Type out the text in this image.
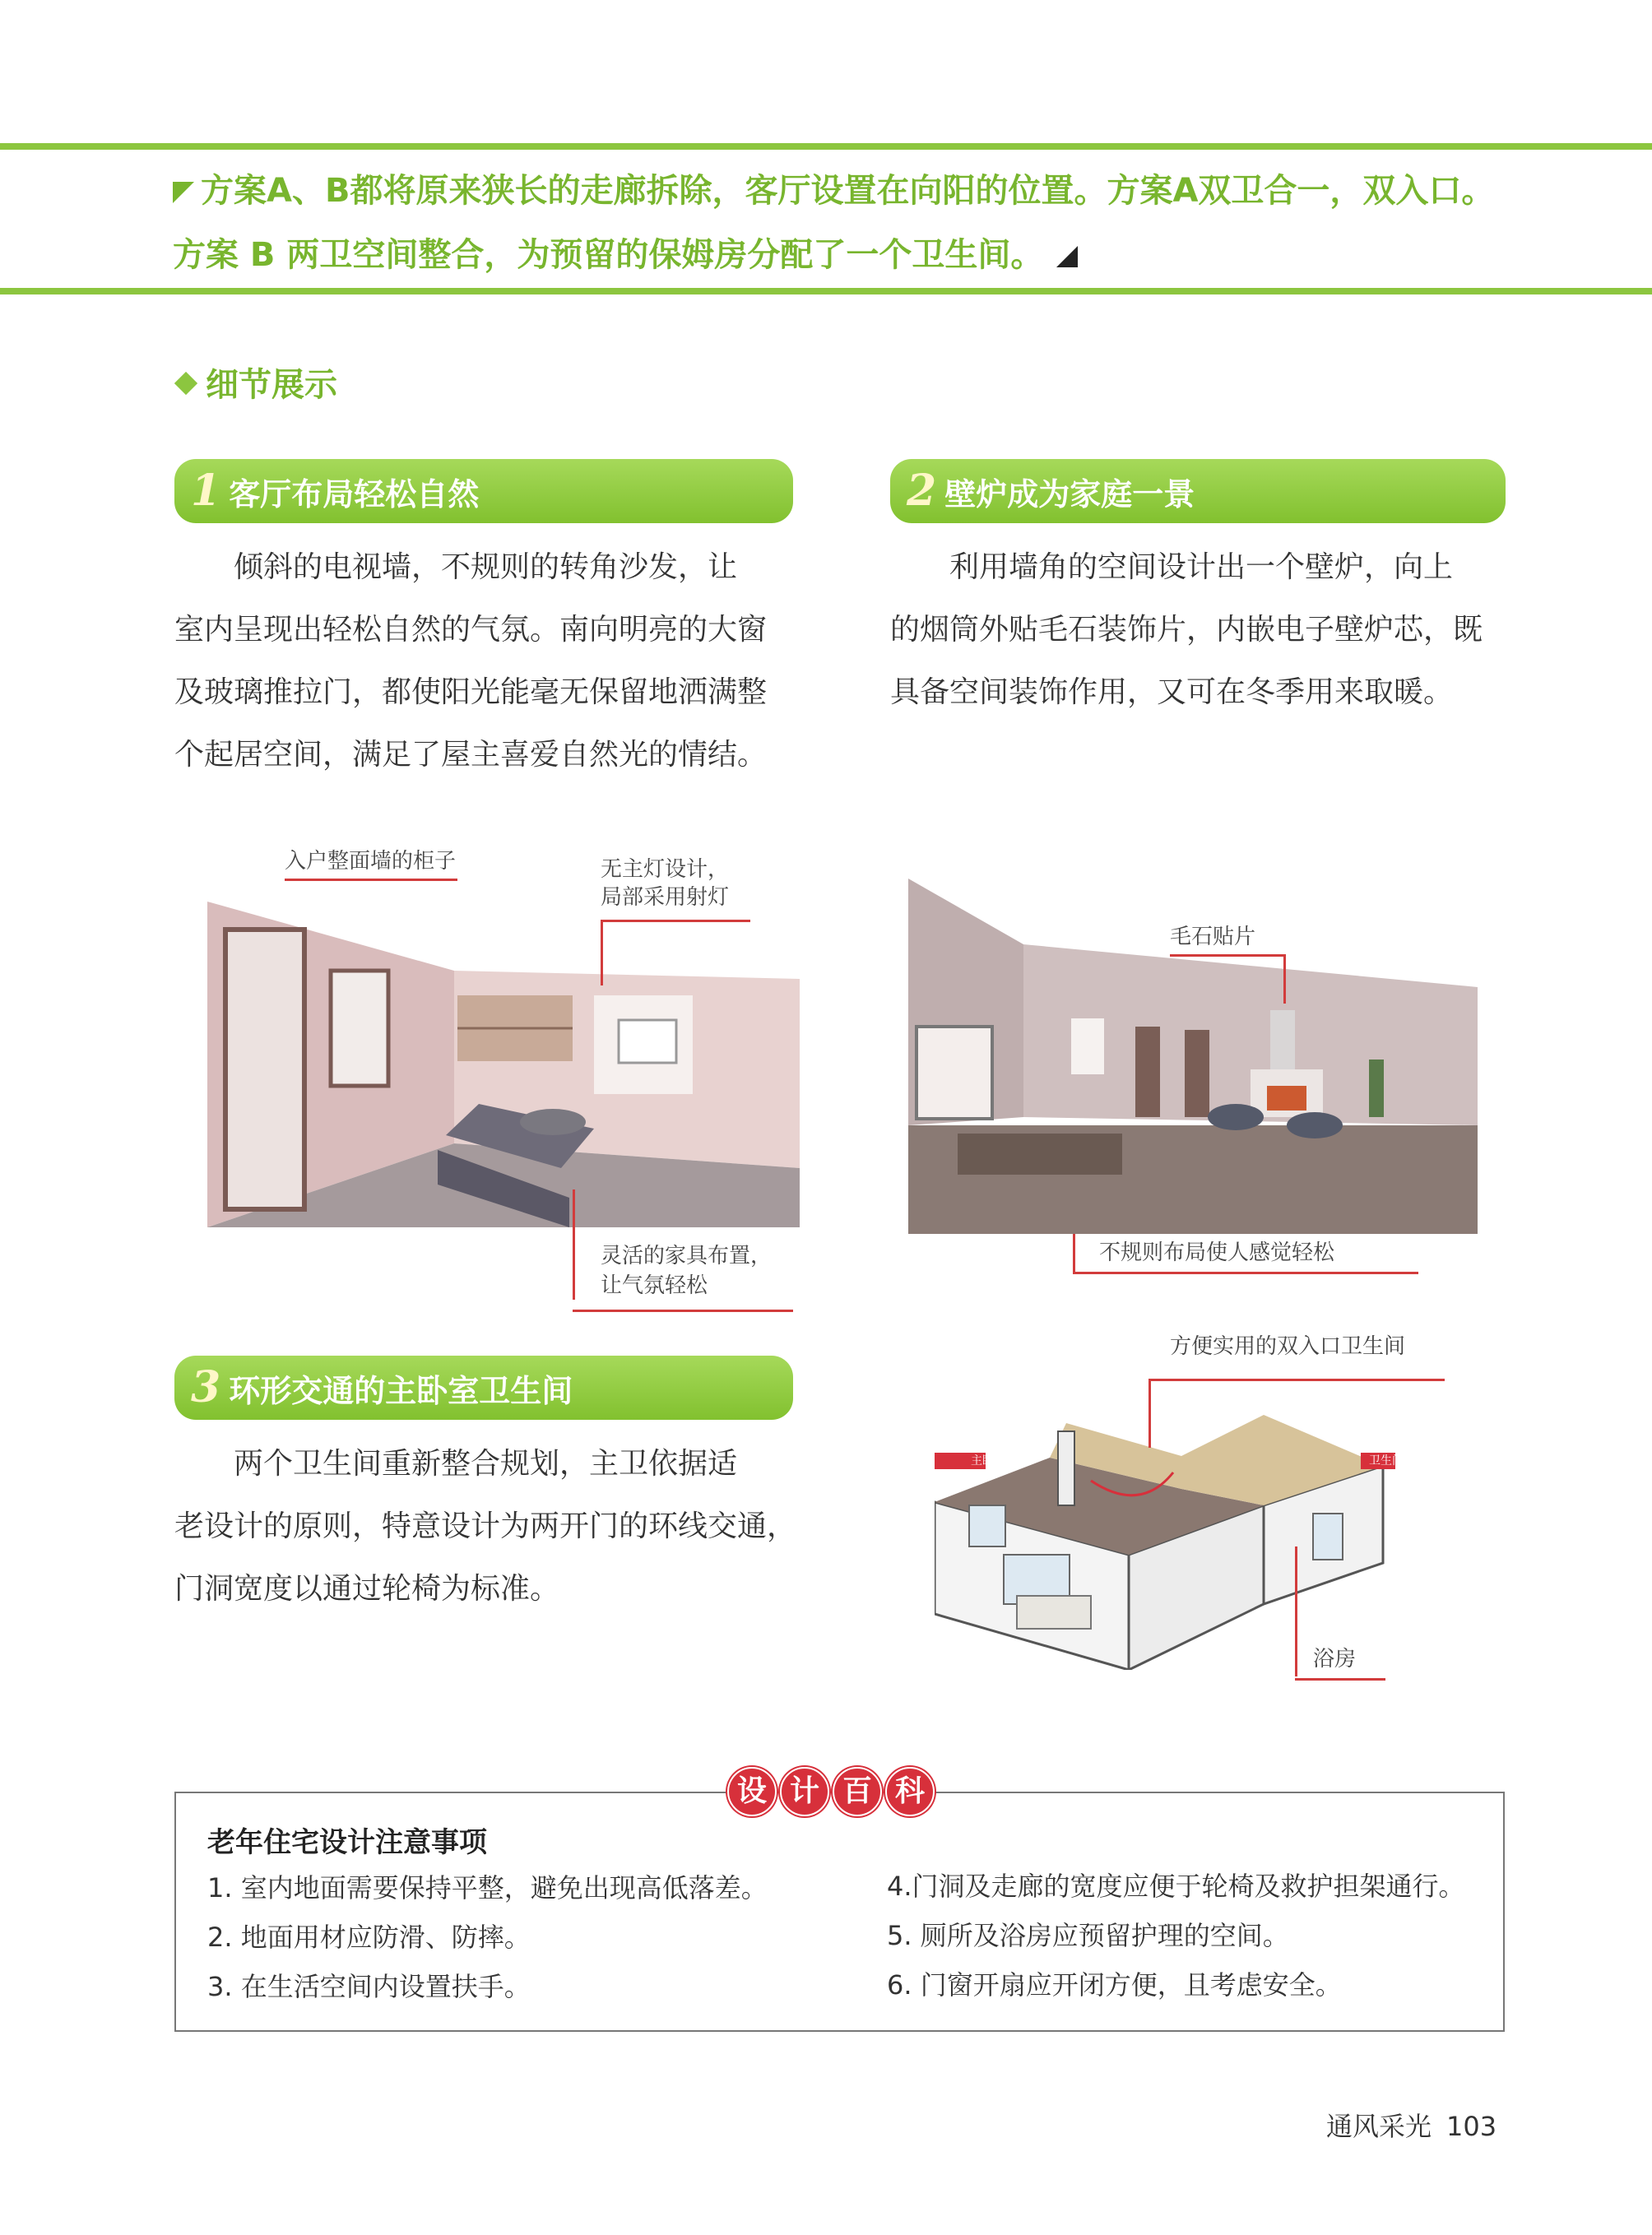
方案A、B都将原来狭长的走廊拆除，客厅设置在向阳的位置。方案A双卫合一，双入口。
方案 B 两卫空间整合，为预留的保姆房分配了一个卫生间。
细节展示
1 客厅布局轻松自然

倾斜的电视墙，不规则的转角沙发，让

室内呈现出轻松自然的气氛。南向明亮的大窗

及玻璃推拉门，都使阳光能毫无保留地洒满整

个起居空间，满足了屋主喜爱自然光的情结。

入户整面墙的柜子	无主灯设计，
局部采用射灯
灵活的家具布置，
让气氛轻松
2 壁炉成为家庭一景

利用墙角的空间设计出一个壁炉，向上

的烟筒外贴毛石装饰片，内嵌电子壁炉芯，既

具备空间装饰作用，又可在冬季用来取暖。

毛石贴片
不规则布局使人感觉轻松
3 环形交通的主卧室卫生间

两个卫生间重新整合规划，主卫依据适

老设计的原则，特意设计为两开门的环线交通，

门洞宽度以通过轮椅为标准。

方便实用的双入口卫生间
主卧室	卫生间
浴房
设 计 百 科
老年住宅设计注意事项
1. 室内地面需要保持平整，避免出现高低落差。
2. 地面用材应防滑、防摔。
3. 在生活空间内设置扶手。
4.门洞及走廊的宽度应便于轮椅及救护担架通行。
5. 厕所及浴房应预留护理的空间。
6. 门窗开扇应开闭方便，且考虑安全。
通风采光 103
